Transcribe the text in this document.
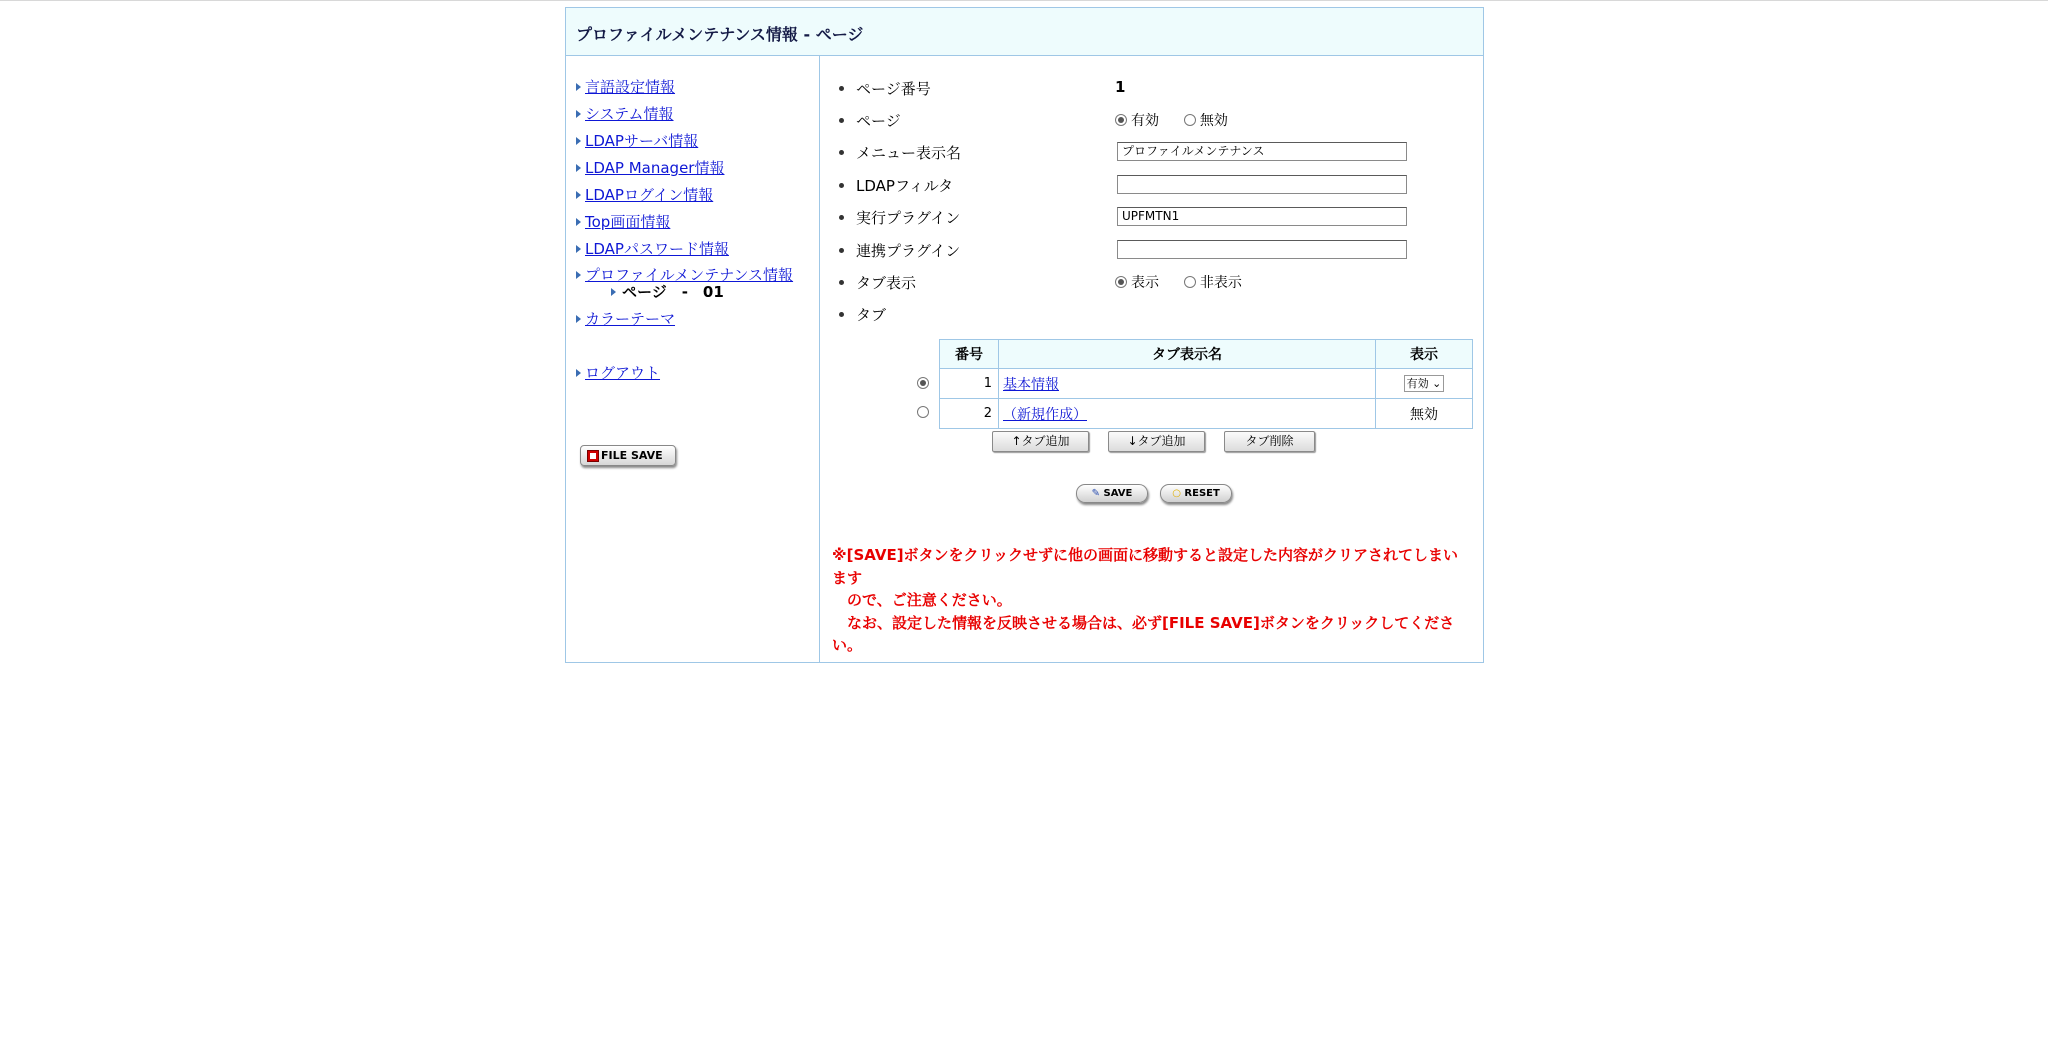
プロファイルメンテナンス情報 - ページ
言語設定情報
システム情報
LDAPサーバ情報
LDAP Manager情報
LDAPログイン情報
Top画面情報
LDAPパスワード情報
プロファイルメンテナンス情報
ページ　-　01
カラーテーマ
ログアウト
FILE SAVE
ページ番号	1
ページ	有効	無効
メニュー表示名	プロファイルメンテナンス
LDAPフィルタ
実行プラグイン	UPFMTN1
連携プラグイン
タブ表示	表示	非表示
タブ
番号	タブ表示名	表示
1	基本情報	有効 ⌄
2	（新規作成）	無効
↑タブ追加	↓タブ追加	タブ削除
✎ SAVE	○ RESET
※[SAVE]ボタンをクリックせずに他の画面に移動すると設定した内容がクリアされてしまいます
　ので、ご注意ください。
　なお、設定した情報を反映させる場合は、必ず[FILE SAVE]ボタンをクリックしてください。
